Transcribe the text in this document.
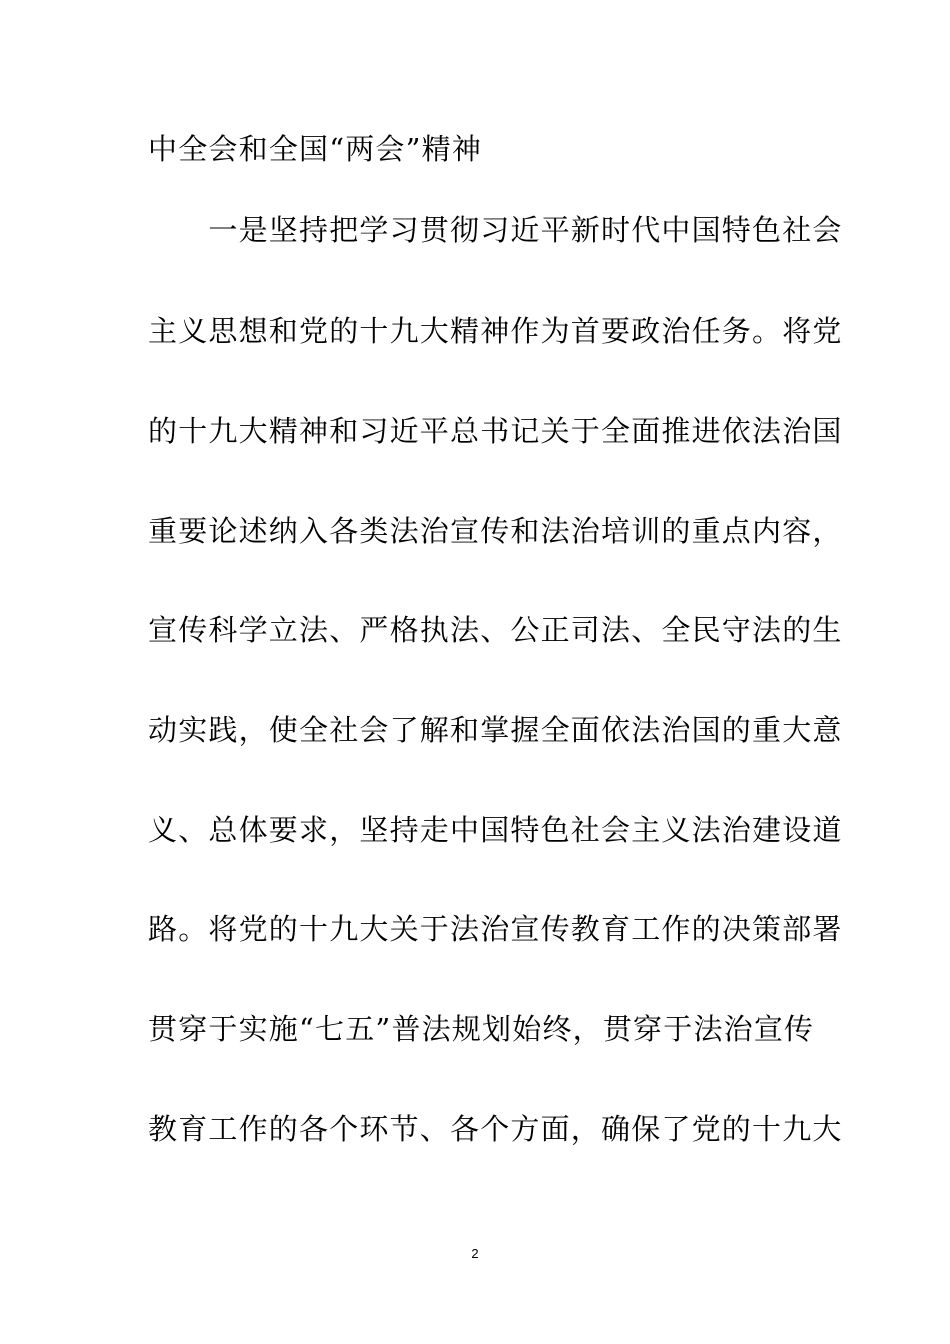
中全会和全国“两会”精神
　　一是坚持把学习贯彻习近平新时代中国特色社会
主义思想和党的十九大精神作为首要政治任务。将党
的十九大精神和习近平总书记关于全面推进依法治国
重要论述纳入各类法治宣传和法治培训的重点内容，
宣传科学立法、严格执法、公正司法、全民守法的生
动实践，使全社会了解和掌握全面依法治国的重大意
义、总体要求，坚持走中国特色社会主义法治建设道
路。将党的十九大关于法治宣传教育工作的决策部署
贯穿于实施“七五”普法规划始终，贯穿于法治宣传
教育工作的各个环节、各个方面，确保了党的十九大
2
